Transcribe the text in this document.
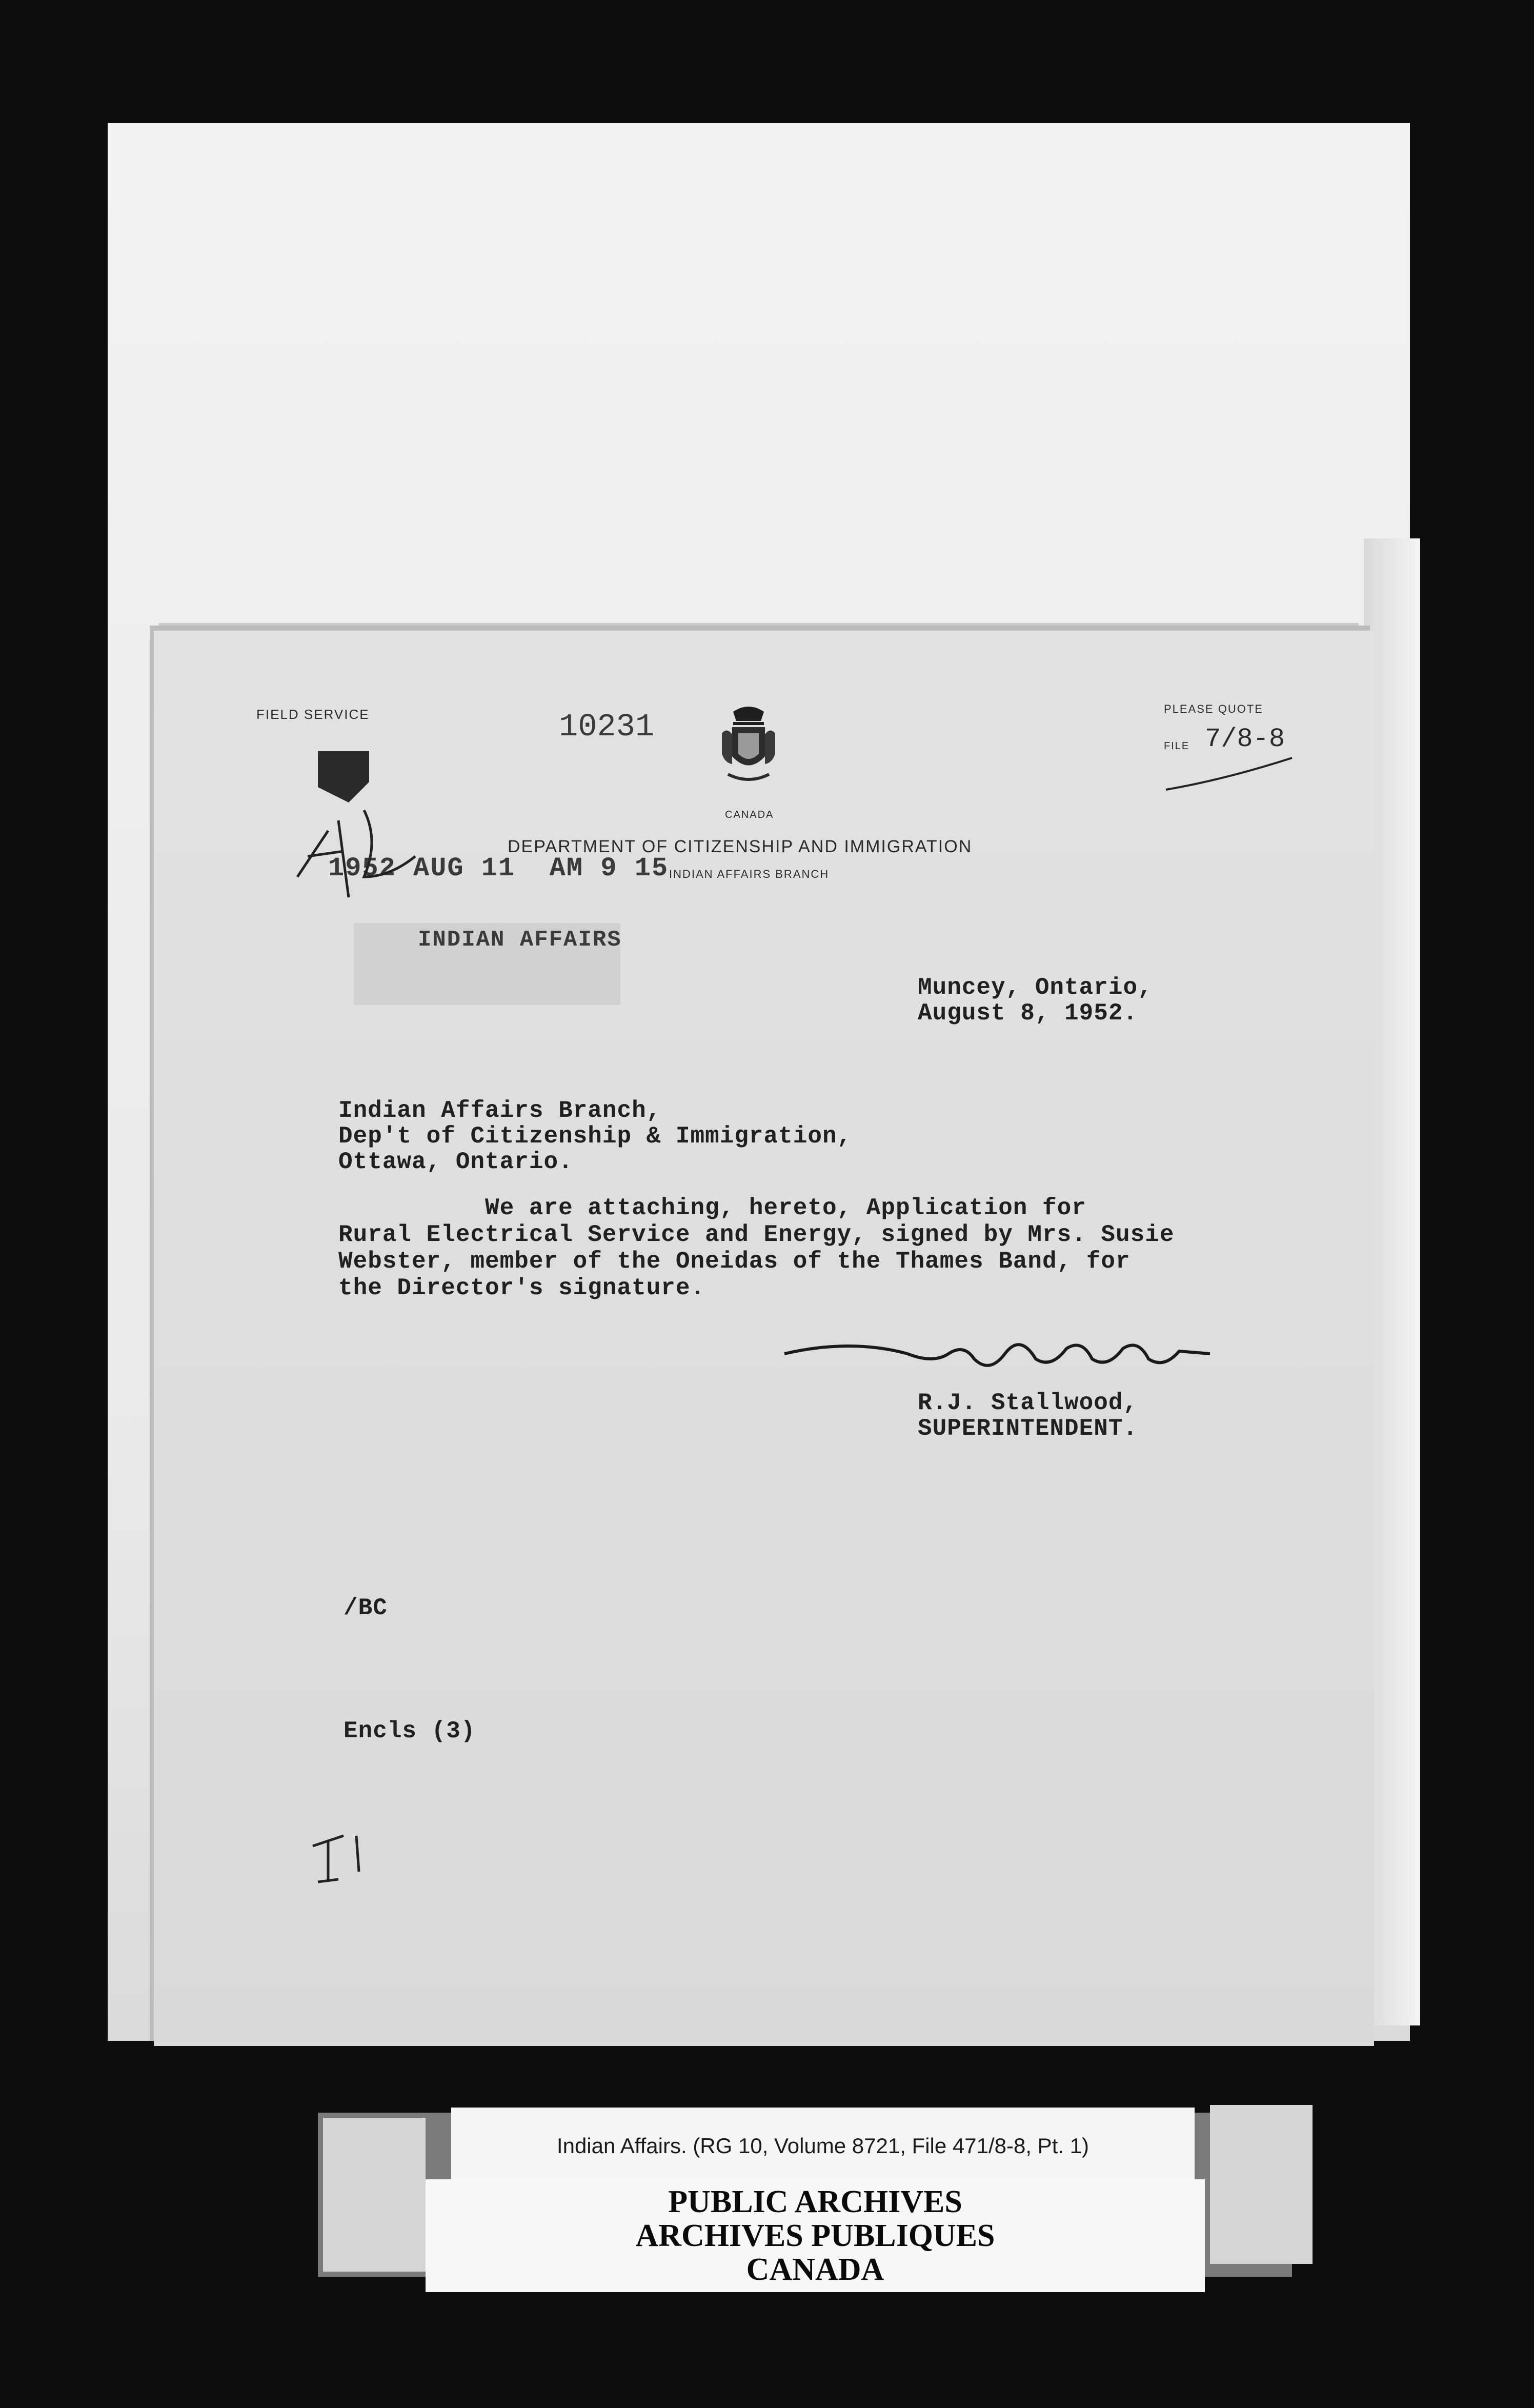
FIELD SERVICE	10231
CANADA
PLEASE QUOTE
FILE 7/8-8
DEPARTMENT OF CITIZENSHIP AND IMMIGRATION
INDIAN AFFAIRS BRANCH
1952 AUG 11  AM 9 15
INDIAN AFFAIRS
Muncey, Ontario,
August 8, 1952.
Indian Affairs Branch,
Dep't of Citizenship & Immigration,
Ottawa, Ontario.
We are attaching, hereto, Application for
Rural Electrical Service and Energy, signed by Mrs. Susie
Webster, member of the Oneidas of the Thames Band, for
the Director's signature.
R.J. Stallwood,
SUPERINTENDENT.
/BC
Encls (3)
Indian Affairs. (RG 10, Volume 8721, File 471/8-8, Pt. 1)
PUBLIC ARCHIVES
ARCHIVES PUBLIQUES
CANADA
